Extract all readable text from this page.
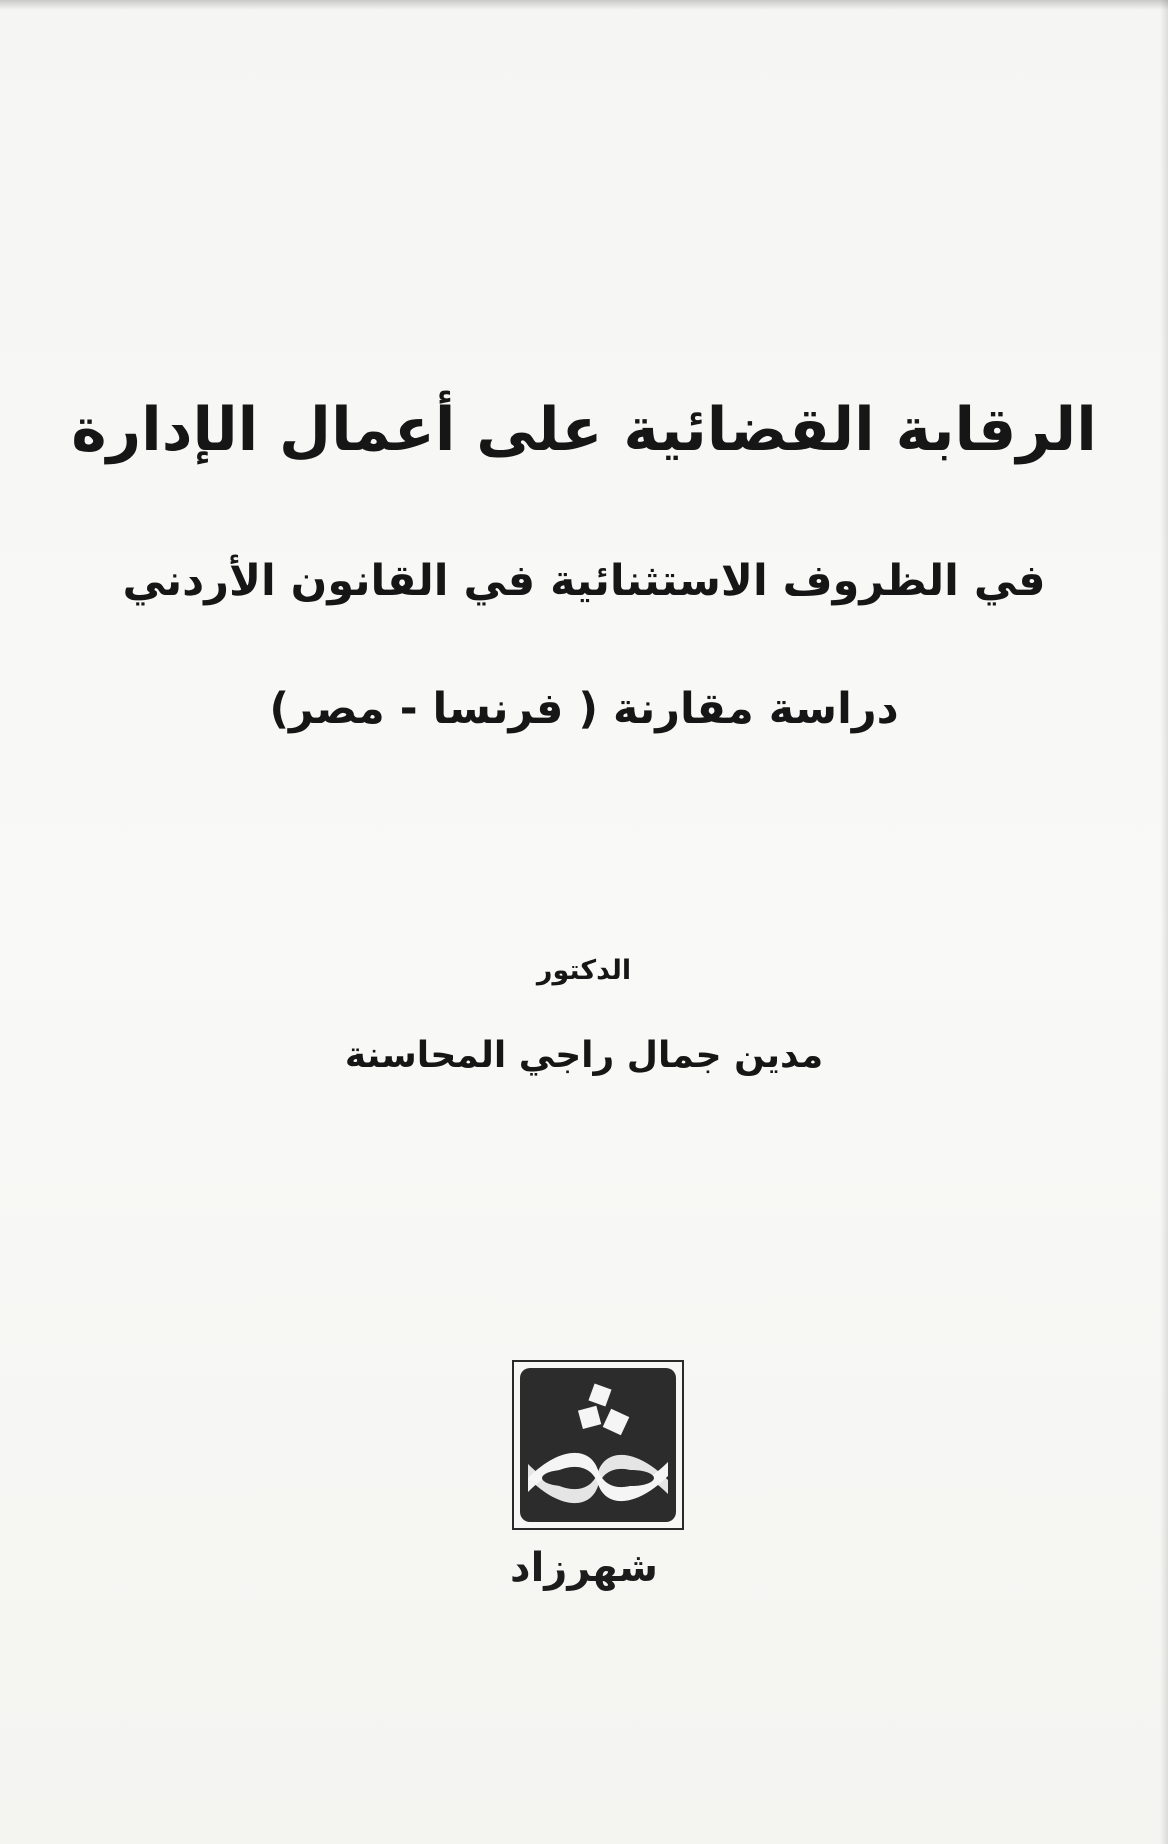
الرقابة القضائية على أعمال الإدارة
في الظروف الاستثنائية في القانون الأردني
دراسة مقارنة ( فرنسا - مصر)
الدكتور
مدين جمال راجي المحاسنة
شهرزاد
